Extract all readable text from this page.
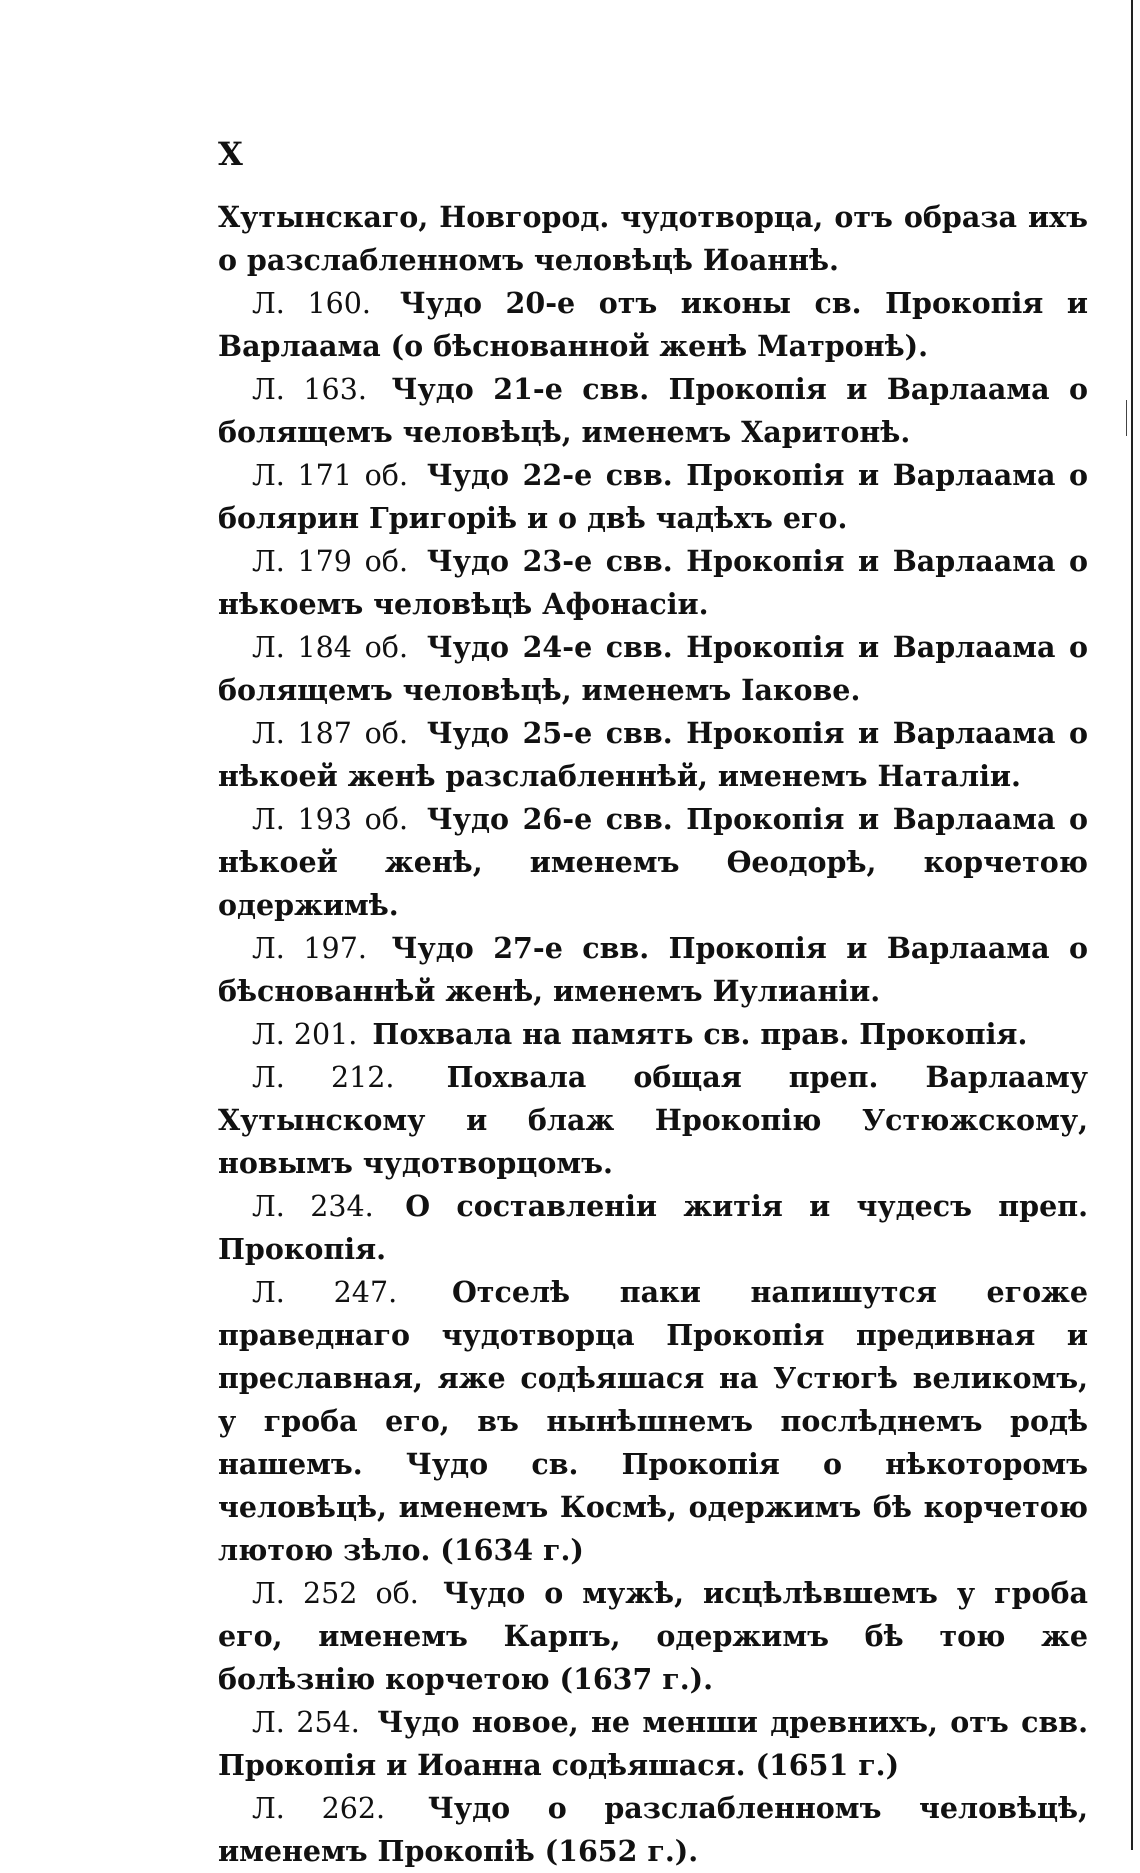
X

Хутынскаго, Новгород. чудотворца, отъ образа ихъ о разслабленномъ человѣцѣ Иоаннѣ.

Л. 160. Чудо 20-е отъ иконы св. Прокопія и Варлаама (о бѣснованной женѣ Матронѣ).

Л. 163. Чудо 21-е свв. Прокопія и Варлаама о болящемъ человѣцѣ, именемъ Харитонѣ.

Л. 171 об. Чудо 22-е свв. Прокопія и Варлаама о болярин Григоріѣ и о двѣ чадѣхъ его.

Л. 179 об. Чудо 23-е свв. Нрокопія и Варлаама о нѣкоемъ человѣцѣ Афонасіи.

Л. 184 об. Чудо 24-е свв. Нрокопія и Варлаама о болящемъ человѣцѣ, именемъ Іакове.

Л. 187 об. Чудо 25-е свв. Нрокопія и Варлаама о нѣкоей женѣ разслабленнѣй, именемъ Наталіи.

Л. 193 об. Чудо 26-е свв. Прокопія и Варлаама о нѣкоей женѣ, именемъ Ѳеодорѣ, корчетою одержимѣ.

Л. 197. Чудо 27-е свв. Прокопія и Варлаама о бѣснованнѣй женѣ, именемъ Иулианіи.

Л. 201. Похвала на память св. прав. Прокопія.

Л. 212. Похвала общая преп. Варлааму Хутынскому и блаж Нрокопію Устюжскому, новымъ чудотворцомъ.

Л. 234. О составленіи житія и чудесъ преп. Прокопія.

Л. 247. Отселѣ паки напишутся егоже праведнаго чудотворца Прокопія предивная и преславная, яже содѣяшася на Устюгѣ великомъ, у гроба его, въ нынѣшнемъ послѣднемъ родѣ нашемъ. Чудо св. Прокопія о нѣкоторомъ человѣцѣ, именемъ Космѣ, одержимъ бѣ корчетою лютою зѣло. (1634 г.)

Л. 252 об. Чудо о мужѣ, исцѣлѣвшемъ у гроба его, именемъ Карпъ, одержимъ бѣ тою же болѣзнію корчетою (1637 г.).

Л. 254. Чудо новое, не менши древнихъ, отъ свв. Прокопія и Иоанна содѣяшася. (1651 г.)

Л. 262. Чудо о разслабленномъ человѣцѣ, именемъ Прокопіѣ (1652 г.).
